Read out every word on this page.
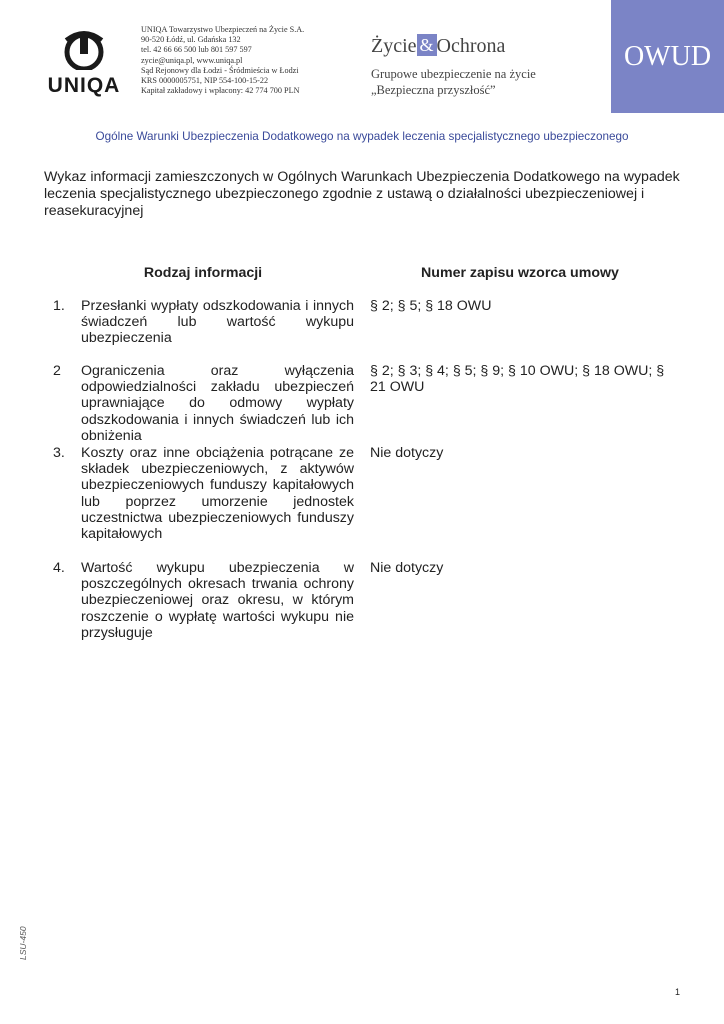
UNIQA
UNIQA Towarzystwo Ubezpieczeń na Życie S.A.
90-520 Łódź, ul. Gdańska 132
tel. 42 66 66 500 lub 801 597 597
zycie@uniqa.pl, www.uniqa.pl
Sąd Rejonowy dla Łodzi - Śródmieścia w Łodzi
KRS 0000005751, NIP 554-100-15-22
Kapitał zakładowy i wpłacony: 42 774 700 PLN
Życie & Ochrona
Grupowe ubezpieczenie na życie
„Bezpieczna przyszłość”
OWUD
Ogólne Warunki Ubezpieczenia Dodatkowego na wypadek leczenia specjalistycznego ubezpieczonego
Wykaz informacji zamieszczonych w Ogólnych Warunkach Ubezpieczenia Dodatkowego na wypadek leczenia specjalistycznego ubezpieczonego zgodnie z ustawą o działalności ubezpieczeniowej i reasekuracyjnej
Rodzaj informacji	Numer zapisu wzorca umowy
1. Przesłanki wypłaty odszkodowania i innych świadczeń lub wartość wykupu ubezpieczenia
§ 2; § 5; § 18 OWU
2 Ograniczenia oraz wyłączenia odpowiedzialności zakładu ubezpieczeń uprawniające do odmowy wypłaty odszkodowania i innych świadczeń lub ich obniżenia
§ 2; § 3; § 4; § 5; § 9; § 10 OWU; § 18 OWU; § 21 OWU
3. Koszty oraz inne obciążenia potrącane ze składek ubezpieczeniowych, z aktywów ubezpieczeniowych funduszy kapitałowych lub poprzez umorzenie jednostek uczestnictwa ubezpieczeniowych funduszy kapitałowych
Nie dotyczy
4. Wartość wykupu ubezpieczenia w poszczególnych okresach trwania ochrony ubezpieczeniowej oraz okresu, w którym roszczenie o wypłatę wartości wykupu nie przysługuje
Nie dotyczy
LSU-450
1
